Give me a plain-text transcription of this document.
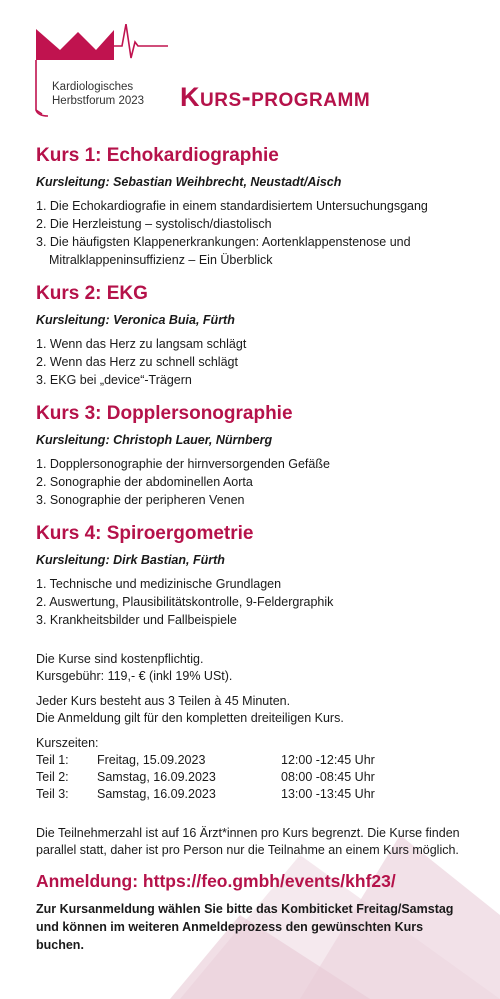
Kardiologisches
Herbstforum 2023	Kurs-programm
Kurs 1: Echokardiographie
Kursleitung: Sebastian Weihbrecht, Neustadt/Aisch
1. Die Echokardiografie in einem standardisiertem Untersuchungsgang
2. Die Herzleistung – systolisch/diastolisch
3. Die häufigsten Klappenerkrankungen: Aortenklappenstenose und Mitralklappeninsuffizienz – Ein Überblick
Kurs 2: EKG
Kursleitung: Veronica Buia, Fürth
1. Wenn das Herz zu langsam schlägt
2. Wenn das Herz zu schnell schlägt
3. EKG bei „device“-Trägern
Kurs 3: Dopplersonographie
Kursleitung: Christoph Lauer, Nürnberg
1. Dopplersonographie der hirnversorgenden Gefäße
2. Sonographie der abdominellen Aorta
3. Sonographie der peripheren Venen
Kurs 4: Spiroergometrie
Kursleitung: Dirk Bastian, Fürth
1. Technische und medizinische Grundlagen
2. Auswertung, Plausibilitätskontrolle, 9-Feldergraphik
3. Krankheitsbilder und Fallbeispiele

Die Kurse sind kostenpflichtig.

Kursgebühr: 119,- € (inkl 19% USt).

Jeder Kurs besteht aus 3 Teilen à 45 Minuten.

Die Anmeldung gilt für den kompletten dreiteiligen Kurs.

Kurszeiten:

Teil 1:	Freitag, 15.09.2023	12:00 -12:45 Uhr
Teil 2:	Samstag, 16.09.2023	08:00 -08:45 Uhr
Teil 3:	Samstag, 16.09.2023	13:00 -13:45 Uhr
Die Teilnehmerzahl ist auf 16 Ärzt*innen pro Kurs begrenzt. Die Kurse finden parallel statt, daher ist pro Person nur die Teilnahme an einem Kurs möglich.
Anmeldung: https://feo.gmbh/events/khf23/
Zur Kursanmeldung wählen Sie bitte das Kombiticket Freitag/Samstag und können im weiteren Anmeldeprozess den gewünschten Kurs buchen.
